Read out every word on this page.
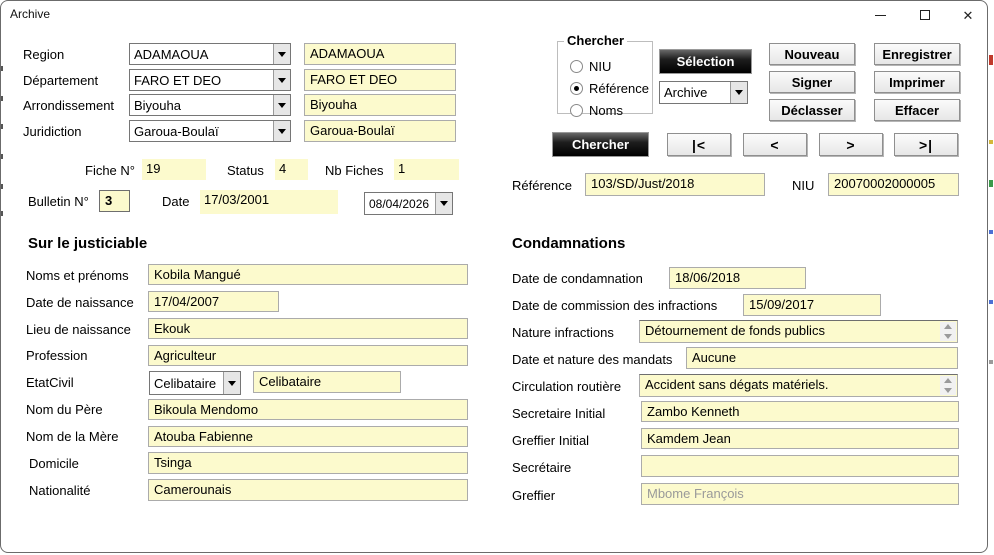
Archive	✕
Region	ADAMAOUA	ADAMAOUA
Département	FARO ET DEO	FARO ET DEO
Arrondissement	Biyouha	Biyouha
Juridiction	Garoua-Boulaï	Garoua-Boulaï
Fiche N° 19	Status	4	Nb Fiches	1
Bulletin N°	3	Date	17/03/2001	08/04/2026
Chercher
NIU
Référence
Noms
Sélection
Archive
Nouveau	Enregistrer
Signer	Imprimer
Déclasser	Effacer
Chercher	|<	<	>	>|
Référence	103/SD/Just/2018	NIU	20070002000005
Sur le justiciable
Noms et prénoms	Kobila Mangué
Date de naissance	17/04/2007
Lieu de naissance	Ekouk
Profession	Agriculteur
EtatCivil	Celibataire	Celibataire
Nom du Père	Bikoula Mendomo
Nom de la Mère	Atouba Fabienne
Domicile	Tsinga
Nationalité	Camerounais
Condamnations
Date de condamnation	18/06/2018
Date de commission des infractions	15/09/2017
Nature infractions	Détournement de fonds publics
Date et nature des mandats	Aucune
Circulation routière	Accident sans dégats matériels.
Secretaire Initial	Zambo Kenneth
Greffier Initial	Kamdem Jean
Secrétaire
Greffier	Mbome François
